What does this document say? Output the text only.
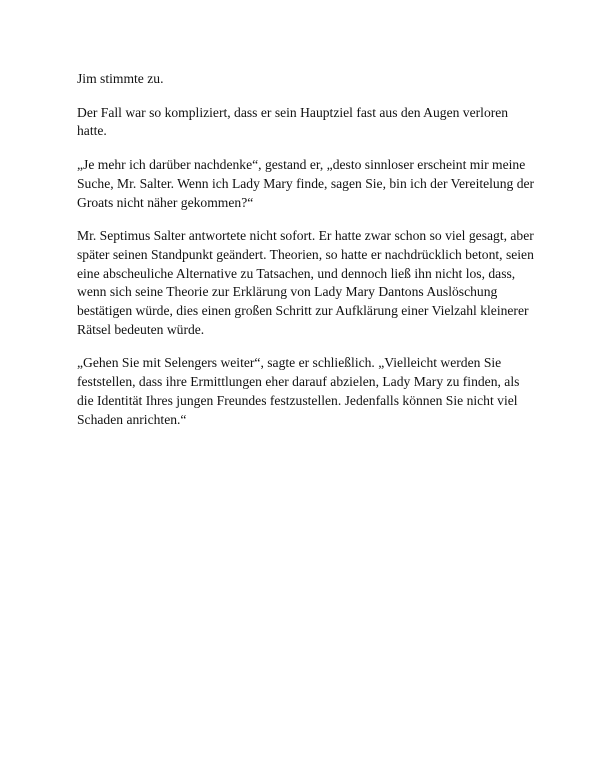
Jim stimmte zu.

Der Fall war so kompliziert, dass er sein Hauptziel fast aus den Augen verloren hatte.

„Je mehr ich darüber nachdenke“, gestand er, „desto sinnloser erscheint mir meine Suche, Mr. Salter. Wenn ich Lady Mary finde, sagen Sie, bin ich der Vereitelung der Groats nicht näher gekommen?“

Mr. Septimus Salter antwortete nicht sofort. Er hatte zwar schon so viel gesagt, aber später seinen Standpunkt geändert. Theorien, so hatte er nachdrücklich betont, seien eine abscheuliche Alternative zu Tatsachen, und dennoch ließ ihn nicht los, dass, wenn sich seine Theorie zur Erklärung von Lady Mary Dantons Auslöschung bestätigen würde, dies einen großen Schritt zur Aufklärung einer Vielzahl kleinerer Rätsel bedeuten würde.

„Gehen Sie mit Selengers weiter“, sagte er schließlich. „Vielleicht werden Sie feststellen, dass ihre Ermittlungen eher darauf abzielen, Lady Mary zu finden, als die Identität Ihres jungen Freundes festzustellen. Jedenfalls können Sie nicht viel Schaden anrichten.“
